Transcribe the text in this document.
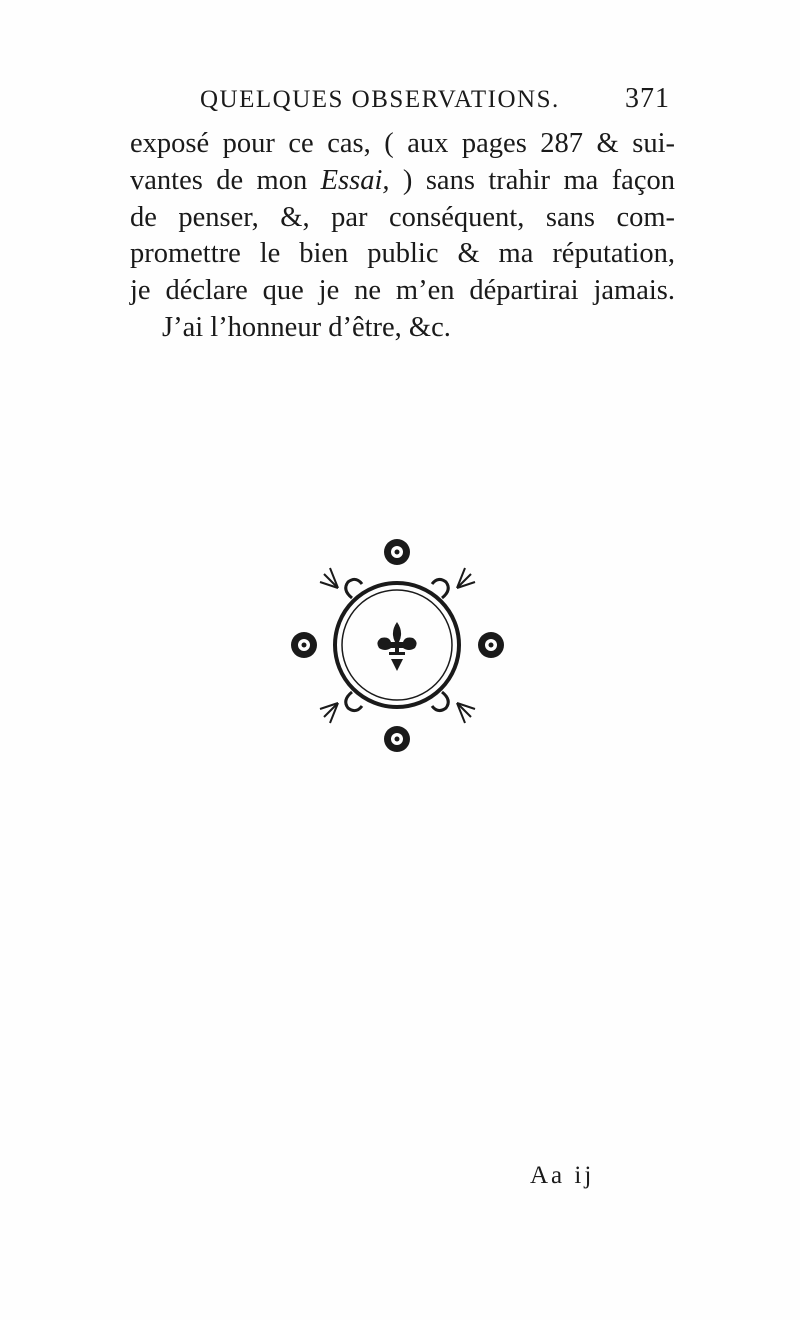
QUELQUES OBSERVATIONS. 371
exposé pour ce cas, ( aux pages 287 & sui-
vantes de mon Essai, ) sans trahir ma façon
de penser, &, par conséquent, sans com-
promettre le bien public & ma réputation,
je déclare que je ne m’en départirai jamais.
J’ai l’honneur d’être, &c.
Aa ij
